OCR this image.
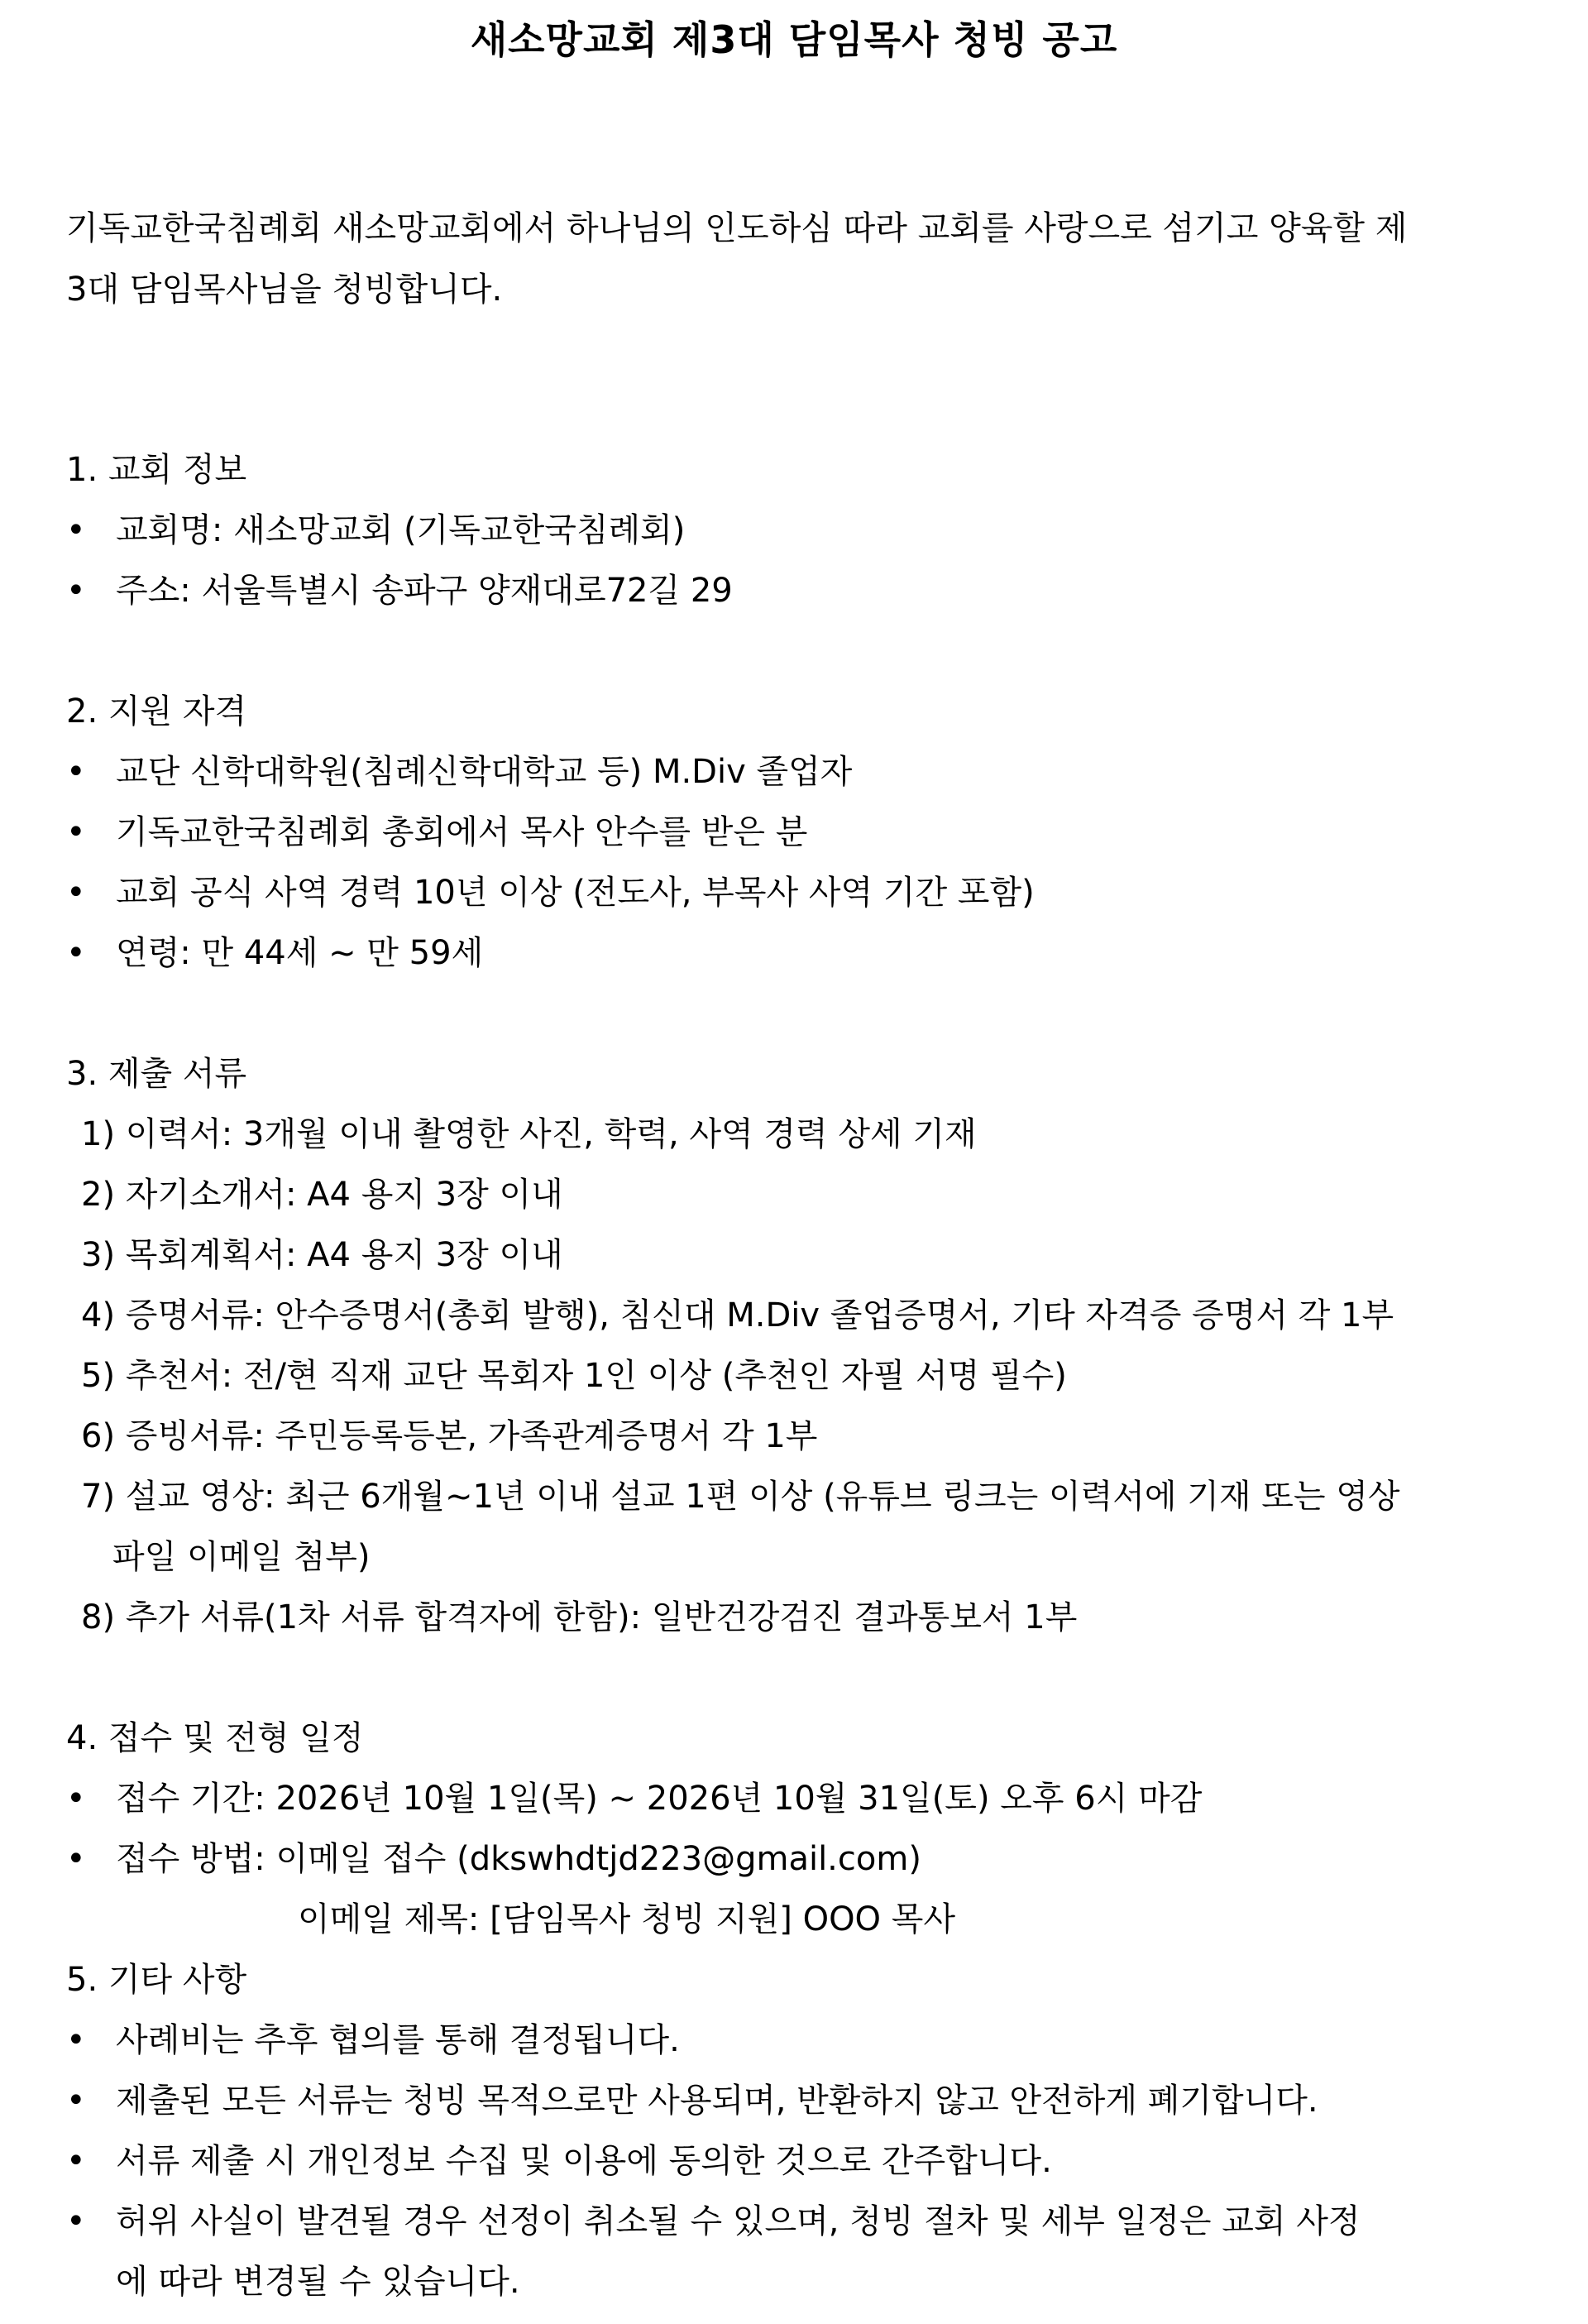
새소망교회 제3대 담임목사 청빙 공고
기독교한국침례회 새소망교회에서 하나님의 인도하심 따라 교회를 사랑으로 섬기고 양육할 제
3대 담임목사님을 청빙합니다.
1. 교회 정보
• 교회명: 새소망교회 (기독교한국침례회)
• 주소: 서울특별시 송파구 양재대로72길 29
2. 지원 자격
• 교단 신학대학원(침례신학대학교 등) M.Div 졸업자
• 기독교한국침례회 총회에서 목사 안수를 받은 분
• 교회 공식 사역 경력 10년 이상 (전도사, 부목사 사역 기간 포함)
• 연령: 만 44세 ~ 만 59세
3. 제출 서류
1) 이력서: 3개월 이내 촬영한 사진, 학력, 사역 경력 상세 기재
2) 자기소개서: A4 용지 3장 이내
3) 목회계획서: A4 용지 3장 이내
4) 증명서류: 안수증명서(총회 발행), 침신대 M.Div 졸업증명서, 기타 자격증 증명서 각 1부
5) 추천서: 전/현 직재 교단 목회자 1인 이상 (추천인 자필 서명 필수)
6) 증빙서류: 주민등록등본, 가족관계증명서 각 1부
7) 설교 영상: 최근 6개월~1년 이내 설교 1편 이상 (유튜브 링크는 이력서에 기재 또는 영상
파일 이메일 첨부)
8) 추가 서류(1차 서류 합격자에 한함): 일반건강검진 결과통보서 1부
4. 접수 및 전형 일정
• 접수 기간: 2026년 10월 1일(목) ~ 2026년 10월 31일(토) 오후 6시 마감
• 접수 방법: 이메일 접수 (dkswhdtjd223@gmail.com)
이메일 제목: [담임목사 청빙 지원] OOO 목사
5. 기타 사항
• 사례비는 추후 협의를 통해 결정됩니다.
• 제출된 모든 서류는 청빙 목적으로만 사용되며, 반환하지 않고 안전하게 폐기합니다.
• 서류 제출 시 개인정보 수집 및 이용에 동의한 것으로 간주합니다.
• 허위 사실이 발견될 경우 선정이 취소될 수 있으며, 청빙 절차 및 세부 일정은 교회 사정
에 따라 변경될 수 있습니다.
